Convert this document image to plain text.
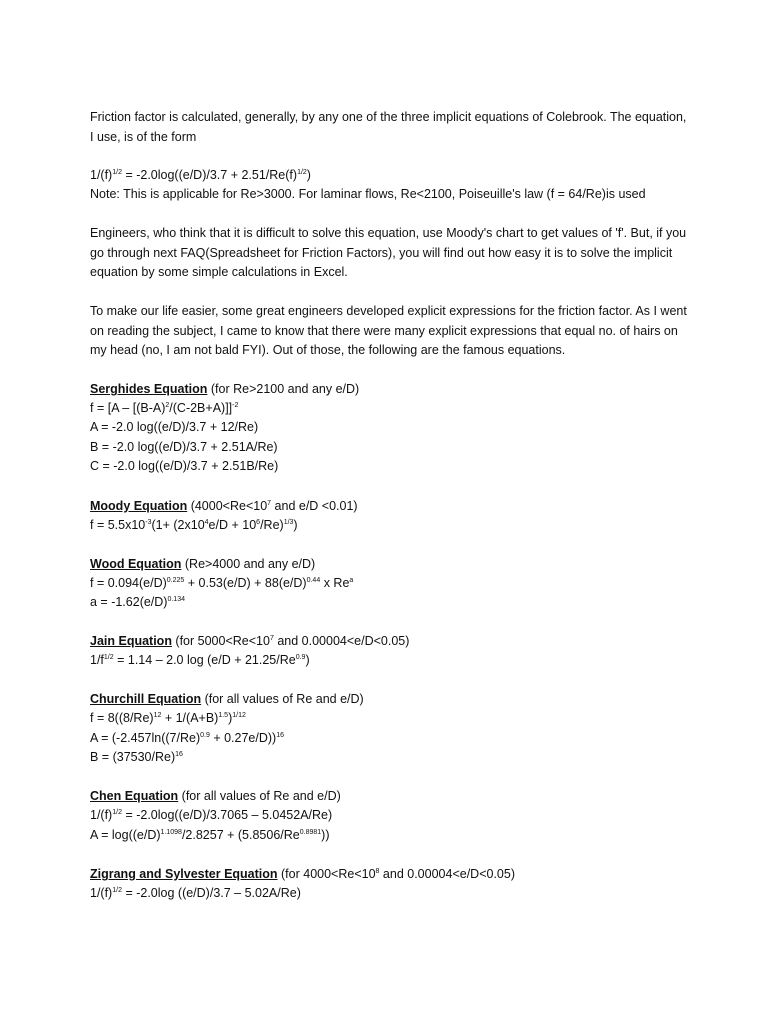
Friction factor is calculated, generally, by any one of the three implicit equations of Colebrook. The equation, I use, is of the form
$1/(f)^{1/2} = -2.0\log((e/D)/3.7 + 2.51/Re(f)^{1/2})$
Note: This is applicable for Re>3000. For laminar flows, Re<2100, Poiseuille's law (f = 64/Re)is used
Engineers, who think that it is difficult to solve this equation, use Moody's chart to get values of 'f'. But, if you go through next FAQ(Spreadsheet for Friction Factors), you will find out how easy it is to solve the implicit equation by some simple calculations in Excel.
To make our life easier, some great engineers developed explicit expressions for the friction factor. As I went on reading the subject, I came to know that there were many explicit expressions that equal no. of hairs on my head (no, I am not bald FYI). Out of those, the following are the famous equations.
Serghides Equation (for Re>2100 and any e/D)
$f = [A - [(B-A)^2/(C-2B+A)]]^{-2}$
A = -2.0 log((e/D)/3.7 + 12/Re)
B = -2.0 log((e/D)/3.7 + 2.51A/Re)
C = -2.0 log((e/D)/3.7 + 2.51B/Re)
Moody Equation ($4000<Re<10^7$ and e/D <0.01)
$f = 5.5x10^{-3}(1+ (2x10^4e/D + 10^6/Re)^{1/3})$
Wood Equation (Re>4000 and any e/D)
$f = 0.094(e/D)^{0.225} + 0.53(e/D) + 88(e/D)^{0.44}$ x Re$^a$
$a = -1.62(e/D)^{0.134}$
Jain Equation (for $5000<Re<10^7$ and 0.00004<e/D<0.05)
$1/f^{1/2} = 1.14 - 2.0$ $\log (e/D + 21.25/Re^{0.9})$
Churchill Equation (for all values of Re and e/D)
$f = 8((8/Re)^{12} + 1/(A+B)^{1.5})^{1/12}$
$A = (-2.457\ln((7/Re)^{0.9} + 0.27e/D))^{16}$
$B = (37530/Re)^{16}$
Chen Equation (for all values of Re and e/D)
$1/(f)^{1/2} = -2.0\log((e/D)/3.7065 - 5.0452A/Re)$
$A = \log((e/D)^{1.1098}/2.8257 + (5.8506/Re^{0.8981}))$
Zigrang and Sylvester Equation (for $4000<Re<10^8$ and 0.00004<e/D<0.05)
$1/(f)^{1/2} = -2.0\log$ ((e/D)/3.7 – 5.02A/Re)
